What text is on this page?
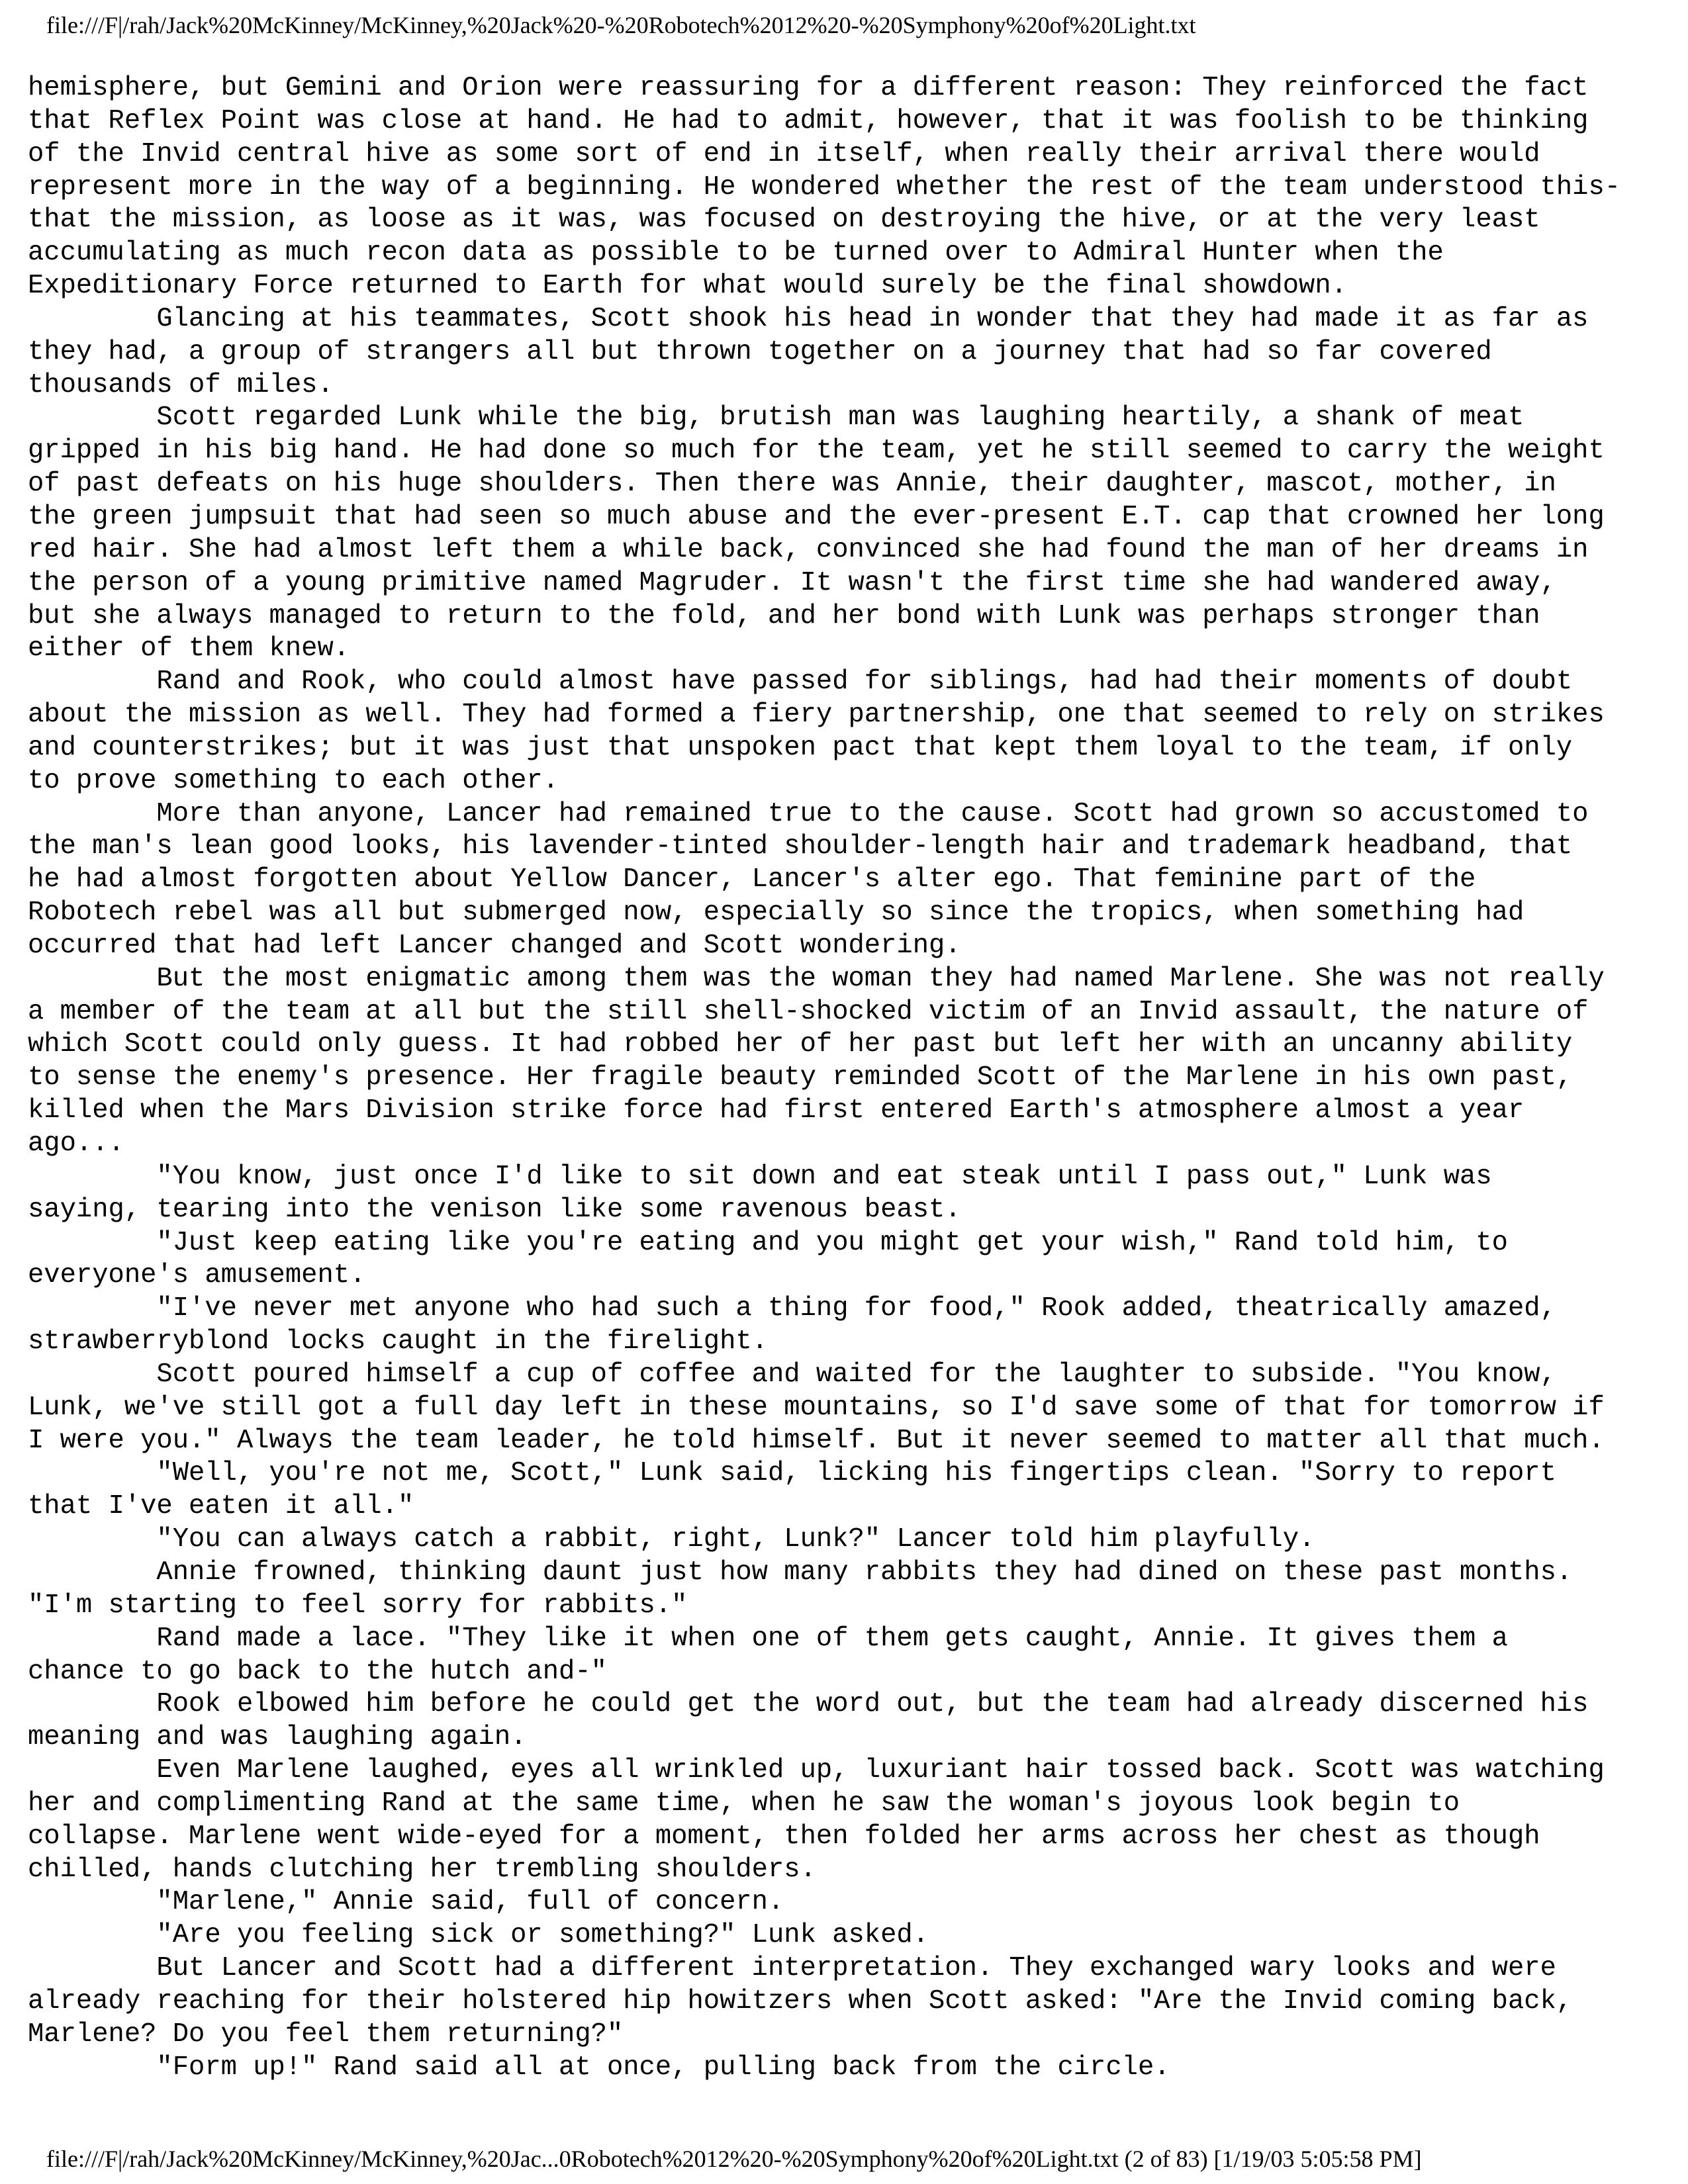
file:///F|/rah/Jack%20McKinney/McKinney,%20Jack%20-%20Robotech%2012%20-%20Symphony%20of%20Light.txt
hemisphere, but Gemini and Orion were reassuring for a different reason: They reinforced the fact
that Reflex Point was close at hand. He had to admit, however, that it was foolish to be thinking
of the Invid central hive as some sort of end in itself, when really their arrival there would
represent more in the way of a beginning. He wondered whether the rest of the team understood this-
that the mission, as loose as it was, was focused on destroying the hive, or at the very least
accumulating as much recon data as possible to be turned over to Admiral Hunter when the
Expeditionary Force returned to Earth for what would surely be the final showdown.
Glancing at his teammates, Scott shook his head in wonder that they had made it as far as
they had, a group of strangers all but thrown together on a journey that had so far covered
thousands of miles.
Scott regarded Lunk while the big, brutish man was laughing heartily, a shank of meat
gripped in his big hand. He had done so much for the team, yet he still seemed to carry the weight
of past defeats on his huge shoulders. Then there was Annie, their daughter, mascot, mother, in
the green jumpsuit that had seen so much abuse and the ever-present E.T. cap that crowned her long
red hair. She had almost left them a while back, convinced she had found the man of her dreams in
the person of a young primitive named Magruder. It wasn't the first time she had wandered away,
but she always managed to return to the fold, and her bond with Lunk was perhaps stronger than
either of them knew.
Rand and Rook, who could almost have passed for siblings, had had their moments of doubt
about the mission as well. They had formed a fiery partnership, one that seemed to rely on strikes
and counterstrikes; but it was just that unspoken pact that kept them loyal to the team, if only
to prove something to each other.
More than anyone, Lancer had remained true to the cause. Scott had grown so accustomed to
the man's lean good looks, his lavender-tinted shoulder-length hair and trademark headband, that
he had almost forgotten about Yellow Dancer, Lancer's alter ego. That feminine part of the
Robotech rebel was all but submerged now, especially so since the tropics, when something had
occurred that had left Lancer changed and Scott wondering.
But the most enigmatic among them was the woman they had named Marlene. She was not really
a member of the team at all but the still shell-shocked victim of an Invid assault, the nature of
which Scott could only guess. It had robbed her of her past but left her with an uncanny ability
to sense the enemy's presence. Her fragile beauty reminded Scott of the Marlene in his own past,
killed when the Mars Division strike force had first entered Earth's atmosphere almost a year
ago...
"You know, just once I'd like to sit down and eat steak until I pass out," Lunk was
saying, tearing into the venison like some ravenous beast.
"Just keep eating like you're eating and you might get your wish," Rand told him, to
everyone's amusement.
"I've never met anyone who had such a thing for food," Rook added, theatrically amazed,
strawberryblond locks caught in the firelight.
Scott poured himself a cup of coffee and waited for the laughter to subside. "You know,
Lunk, we've still got a full day left in these mountains, so I'd save some of that for tomorrow if
I were you." Always the team leader, he told himself. But it never seemed to matter all that much.
"Well, you're not me, Scott," Lunk said, licking his fingertips clean. "Sorry to report
that I've eaten it all."
"You can always catch a rabbit, right, Lunk?" Lancer told him playfully.
Annie frowned, thinking daunt just how many rabbits they had dined on these past months.
"I'm starting to feel sorry for rabbits."
Rand made a lace. "They like it when one of them gets caught, Annie. It gives them a
chance to go back to the hutch and-"
Rook elbowed him before he could get the word out, but the team had already discerned his
meaning and was laughing again.
Even Marlene laughed, eyes all wrinkled up, luxuriant hair tossed back. Scott was watching
her and complimenting Rand at the same time, when he saw the woman's joyous look begin to
collapse. Marlene went wide-eyed for a moment, then folded her arms across her chest as though
chilled, hands clutching her trembling shoulders.
"Marlene," Annie said, full of concern.
"Are you feeling sick or something?" Lunk asked.
But Lancer and Scott had a different interpretation. They exchanged wary looks and were
already reaching for their holstered hip howitzers when Scott asked: "Are the Invid coming back,
Marlene? Do you feel them returning?"
"Form up!" Rand said all at once, pulling back from the circle.
file:///F|/rah/Jack%20McKinney/McKinney,%20Jac...0Robotech%2012%20-%20Symphony%20of%20Light.txt (2 of 83) [1/19/03 5:05:58 PM]
